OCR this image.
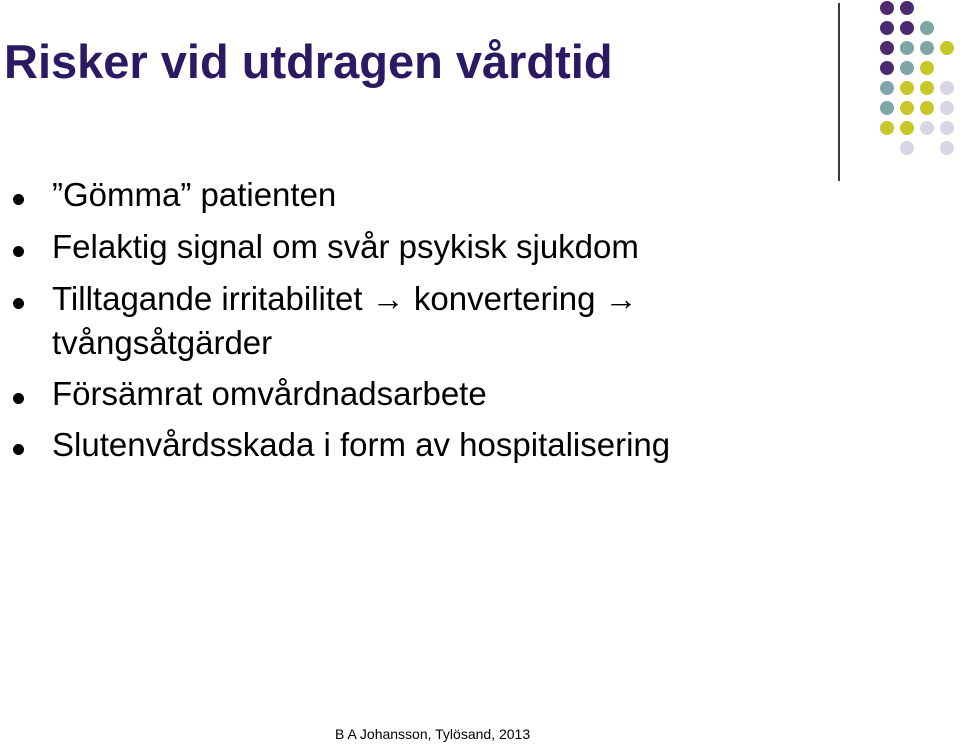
Risker vid utdragen vårdtid
”Gömma” patienten
Felaktig signal om svår psykisk sjukdom
Tilltagande irritabilitet → konvertering →
tvångsåtgärder
Försämrat omvårdnadsarbete
Slutenvårdsskada i form av hospitalisering
B A Johansson, Tylösand, 2013
